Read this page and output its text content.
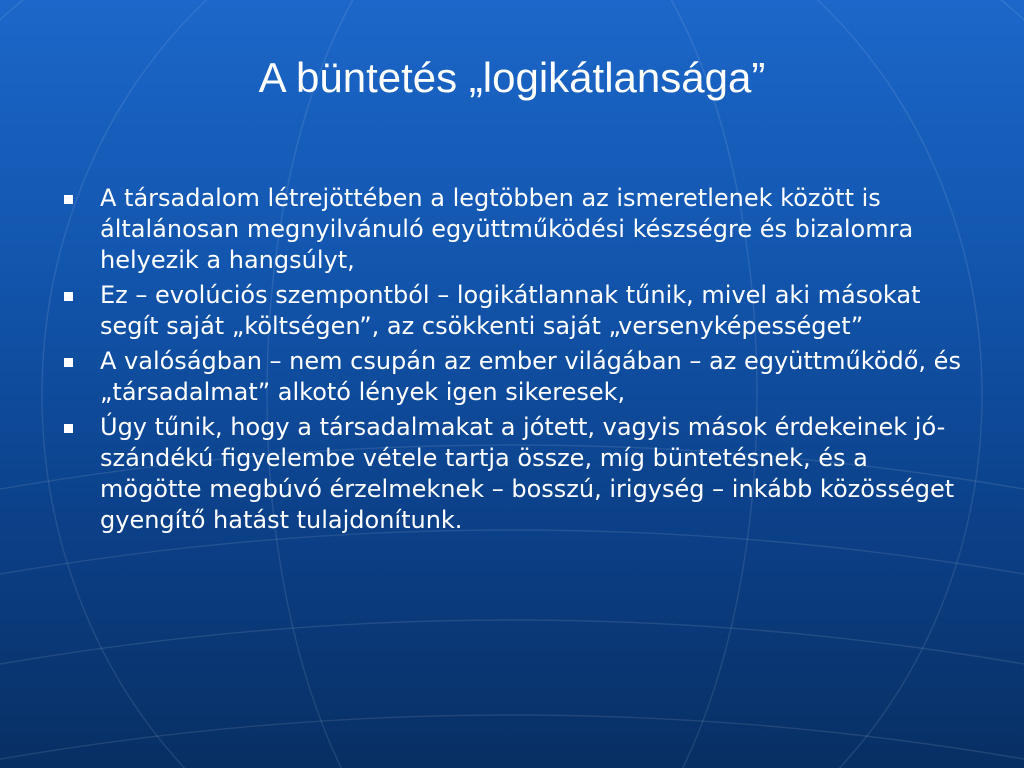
A büntetés „logikátlansága”
A társadalom létrejöttében a legtöbben az ismeretlenek között is általánosan megnyilvánuló együttműködési készségre és bizalomra helyezik a hangsúlyt,
Ez – evolúciós szempontból – logikátlannak tűnik, mivel aki másokat segít saját „költségen”, az csökkenti saját „versenyképességet”
A valóságban – nem csupán az ember világában – az együttműködő, és „társadalmat” alkotó lények igen sikeresek,
Úgy tűnik, hogy a társadalmakat a jótett, vagyis mások érdekeinek jó-szándékú figyelembe vétele tartja össze, míg büntetésnek, és a mögötte megbúvó érzelmeknek – bosszú, irigység – inkább közösséget gyengítő hatást tulajdonítunk.
